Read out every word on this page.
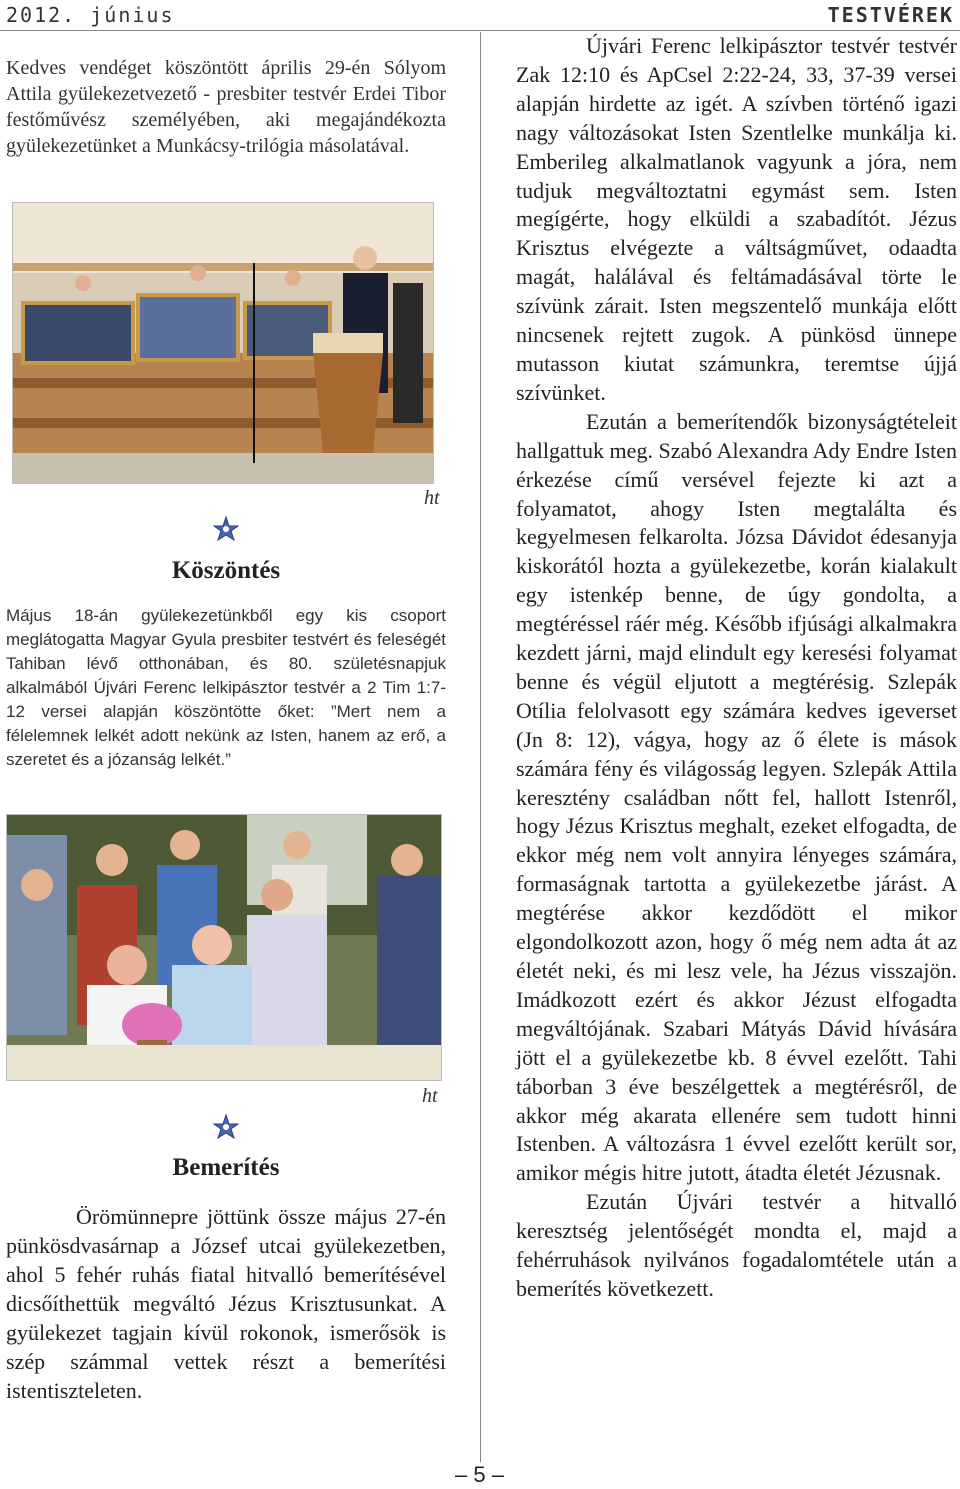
2012. június	TESTVÉREK

Kedves vendéget köszöntött április 29-én Sólyom Attila gyülekezetvezető - presbiter testvér Erdei Tibor festőművész személyében, aki megajándékozta gyülekezetünket a Munkácsy-trilógia másolatával.

ht
Köszöntés

Május 18-án gyülekezetünkből egy kis csoport meglátogatta Magyar Gyula presbiter testvért és feleségét Tahiban lévő otthonában, és 80. születésnapjuk alkalmából Újvári Ferenc lelkipásztor testvér a 2 Tim 1:7-12 versei alapján köszöntötte őket: ”Mert nem a félelemnek lelkét adott nekünk az Isten, hanem az erő, a szeretet és a józanság lelkét.”

ht
Bemerítés

Örömünnepre jöttünk össze május 27-én pünkösdvasárnap a József utcai gyülekezetben, ahol 5 fehér ruhás fiatal hitvalló bemerítésével dicsőíthettük megváltó Jézus Krisztusunkat. A gyülekezet tagjain kívül rokonok, ismerősök is szép számmal vettek részt a bemerítési istentiszteleten.

Újvári Ferenc lelkipásztor testvér testvér Zak 12:10 és ApCsel 2:22-24, 33, 37-39 versei alapján hirdette az igét. A szívben történő igazi nagy változásokat Isten Szentlelke munkálja ki. Emberileg alkalmatlanok vagyunk a jóra, nem tudjuk megváltoztatni egymást sem. Isten megígérte, hogy elküldi a szabadítót. Jézus Krisztus elvégezte a váltságművet, odaadta magát, halálával és feltámadásával törte le szívünk zárait. Isten megszentelő munkája előtt nincsenek rejtett zugok. A pünkösd ünnepe mutasson kiutat számunkra, teremtse újjá szívünket.

Ezután a bemerítendők bizonyságtételeit hallgattuk meg. Szabó Alexandra Ady Endre Isten érkezése című versével fejezte ki azt a folyamatot, ahogy Isten megtalálta és kegyelmesen felkarolta. Józsa Dávidot édesanyja kiskorától hozta a gyülekezetbe, korán kialakult egy istenkép benne, de úgy gondolta, a megtéréssel ráér még. Később ifjúsági alkalmakra kezdett járni, majd elindult egy keresési folyamat benne és végül eljutott a megtérésig. Szlepák Otília felolvasott egy számára kedves igeverset (Jn 8: 12), vágya, hogy az ő élete is mások számára fény és világosság legyen. Szlepák Attila keresztény családban nőtt fel, hallott Istenről, hogy Jézus Krisztus meghalt, ezeket elfogadta, de ekkor még nem volt annyira lényeges számára, formaságnak tartotta a gyülekezetbe járást. A megtérése akkor kezdődött el mikor elgondolkozott azon, hogy ő még nem adta át az életét neki, és mi lesz vele, ha Jézus visszajön. Imádkozott ezért és akkor Jézust elfogadta megváltójának. Szabari Mátyás Dávid hívására jött el a gyülekezetbe kb. 8 évvel ezelőtt. Tahi táborban 3 éve beszélgettek a megtérésről, de akkor még akarata ellenére sem tudott hinni Istenben. A változásra 1 évvel ezelőtt került sor, amikor mégis hitre jutott, átadta életét Jézusnak.

Ezután Újvári testvér a hitvalló keresztség jelentőségét mondta el, majd a fehérruhások nyilvános fogadalomtétele után a bemerítés következett.

– 5 –
